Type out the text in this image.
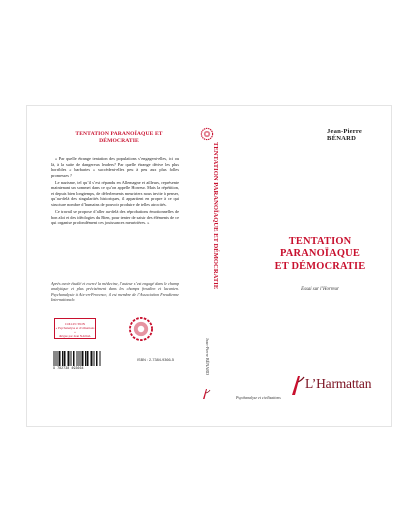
TENTATION PARANOÏAQUE ET DÉMOCRATIE

« Par quelle étrange tentation des populations s’engagent-elles, ici ou là, à la suite de dangereux leaders? Par quelle étrange dérive les plus horribles « barbaries » succèdent-elles peu à peu aux plus folles promesses ?

Le nazisme, tel qu’il s’est répandu en Allemagne et ailleurs, représente maintenant un sommet dans ce qu’on appelle Horreur. Mais la répétition, et depuis bien longtemps, de déferlements meurtriers nous invite à penser, qu’au-delà des singularités historiques, il appartient en propre à ce qui structure nombre d’humains de pouvoir produire de telles atrocités.

Ce travail se propose d’aller au-delà des réprobations émotionnelles de bon aloi et des idéologies du Bien, pour tenter de saisir des éléments de ce qui organise profondément ces jouissances meurtrières. »

Après avoir étudié et exercé la médecine, l’auteur s’est engagé dans le champ analytique et plus précisément dans les champs freudien et lacanien. Psychanalyste à Aix-en-Provence, il est membre de l’Association Freudienne Internationale.
COLLECTION
« Psychanalyse et civilisations »
dirigée par Jean NADAL
9 782738 493664
ISBN : 2-7384-9366-5
TENTATION PARANOÏAQUE ET DÉMOCRATIE
Jean-Pierre BÉNARD
Jean-Pierre BÉNARD
TENTATION
PARANOÏAQUE
ET DÉMOCRATIE
Essai sur l’Horreur
Psychanalyse et civilisations
L’Harmattan
